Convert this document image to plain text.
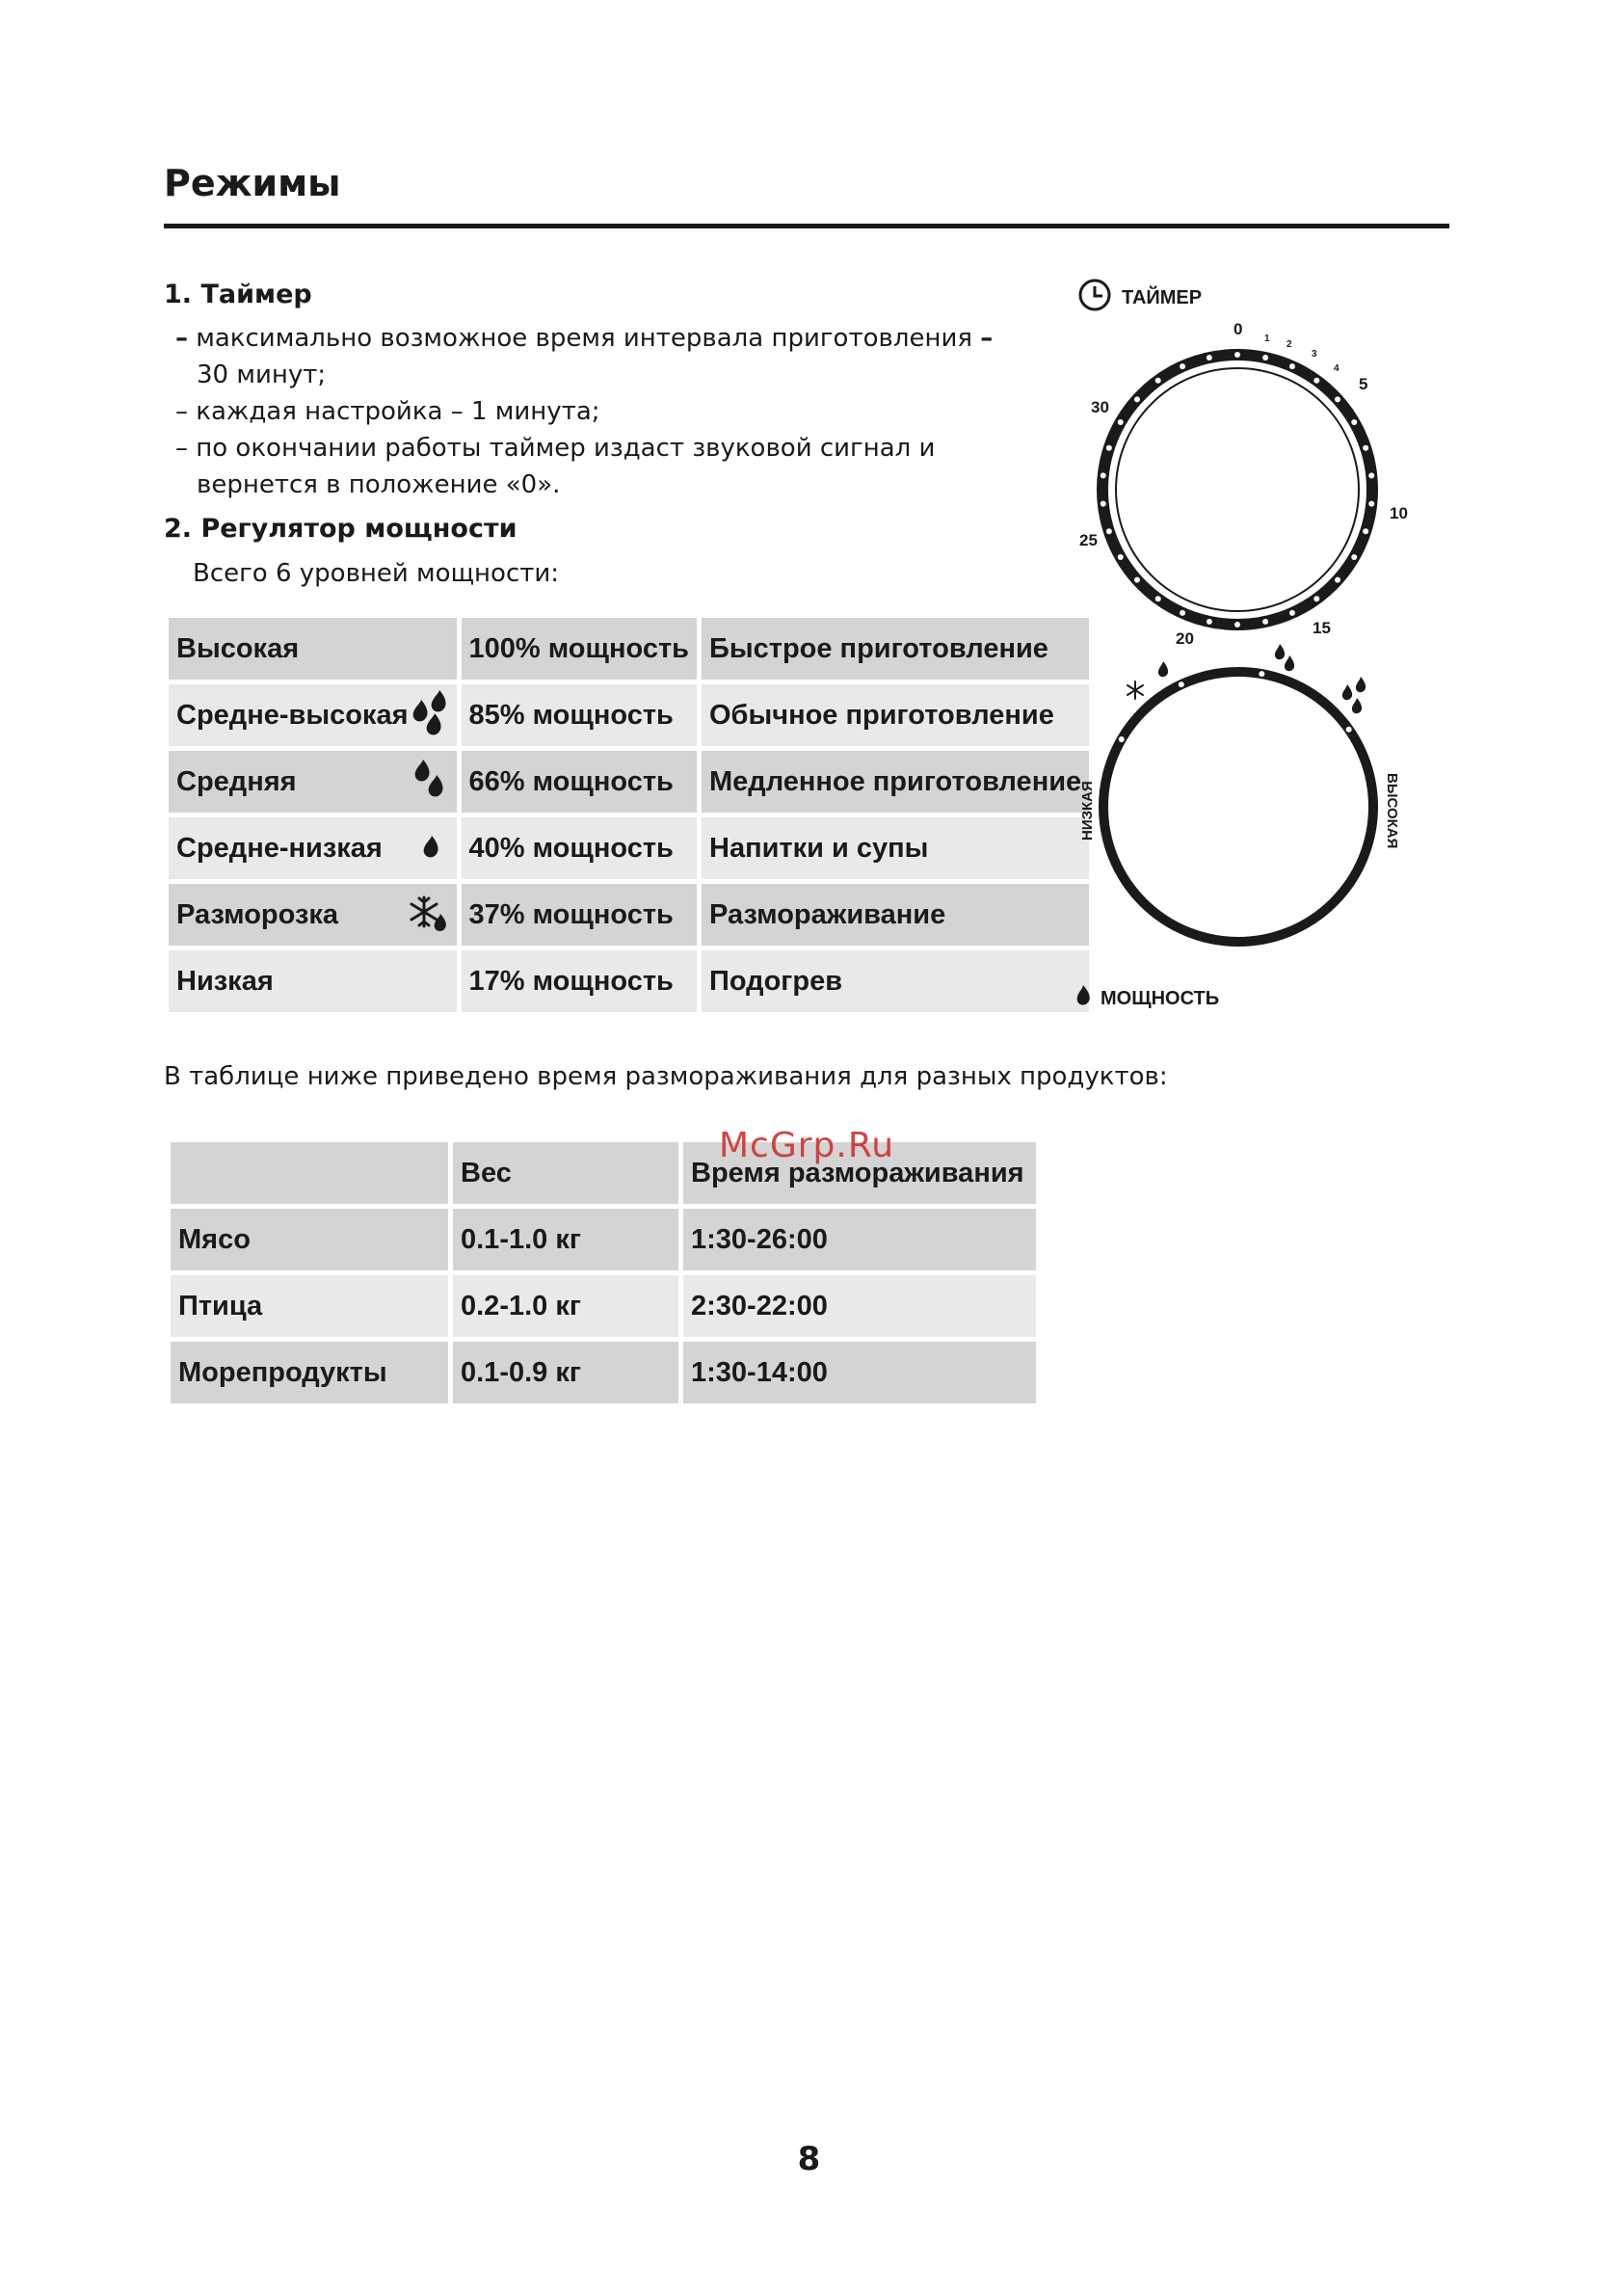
Режимы
1. Таймер

– максимально возможное время интервала приготовления –

30 минут;

– каждая настройка – 1 минута;

– по окончании работы таймер издаст звуковой сигнал и

вернется в положение «0».

2. Регулятор мощности
Всего 6 уровней мощности:
Высокая	100% мощность	Быстрое приготовление

Средне-высокая	85% мощность	Обычное приготовление

Средняя	66% мощность	Медленное приготовление

Средне-низкая	40% мощность	Напитки и супы

Разморозка	37% мощность	Размораживание

Низкая	17% мощность	Подогрев
ТАЙМЕР
0
1
2
3
4
5
10
15
20
25
30
НИЗКАЯ	ВЫСОКАЯ
МОЩНОСТЬ
В таблице ниже приведено время размораживания для разных продуктов:
	Вес	Время размораживания
Мясо	0.1-1.0 кг	1:30-26:00
Птица	0.2-1.0 кг	2:30-22:00
Морепродукты	0.1-0.9 кг	1:30-14:00
McGrp.Ru
8
